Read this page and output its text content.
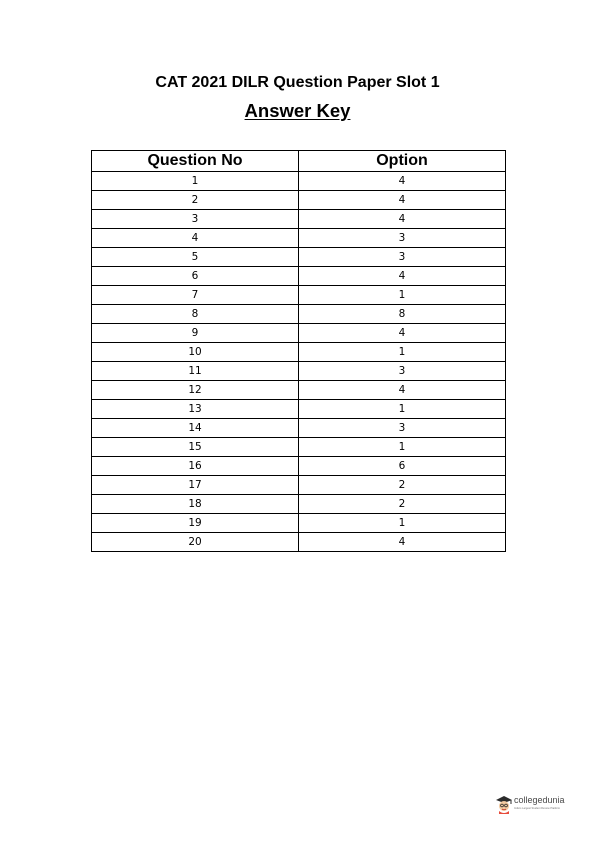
CAT 2021 DILR Question Paper Slot 1
Answer Key
Question No	Option
1	4
2	4
3	4
4	3
5	3
6	4
7	1
8	8
9	4
10	1
11	3
12	4
13	1
14	3
15	1
16	6
17	2
18	2
19	1
20	4
collegedunia
India's Largest Student Review Platform
